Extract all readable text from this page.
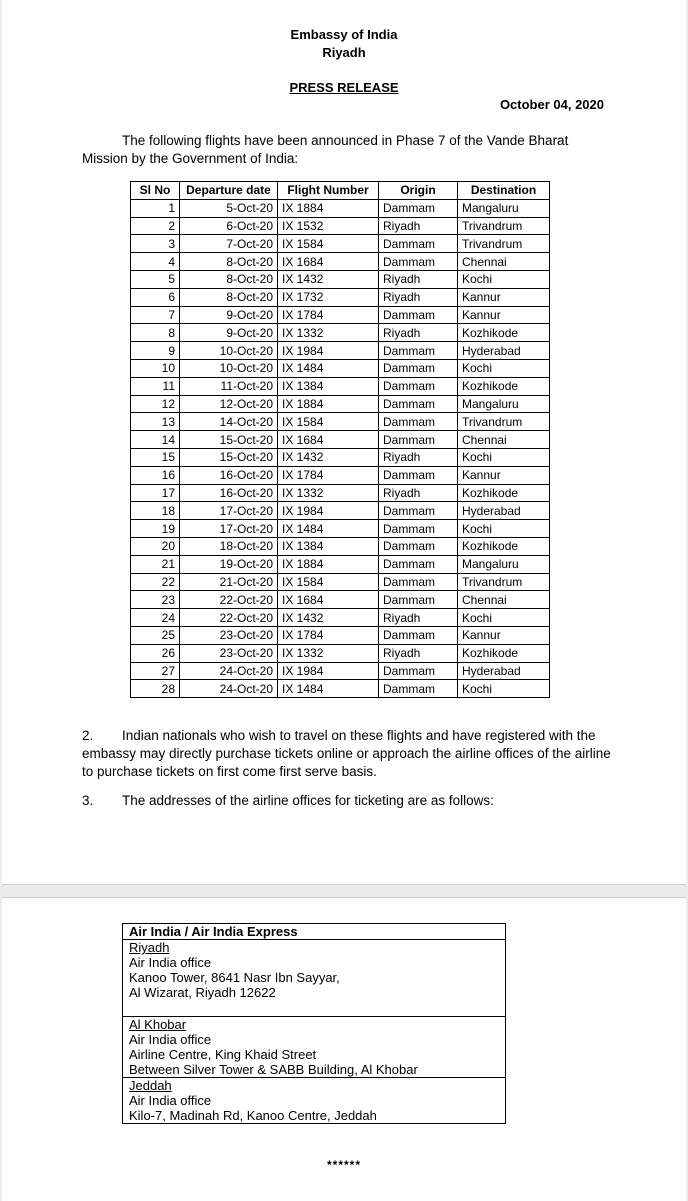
Embassy of India
Riyadh
PRESS RELEASE
October 04, 2020
The following flights have been announced in Phase 7 of the Vande Bharat Mission by the Government of India:
Sl No	Departure date	Flight Number	Origin	Destination
1	5-Oct-20	IX 1884	Dammam	Mangaluru
2	6-Oct-20	IX 1532	Riyadh	Trivandrum
3	7-Oct-20	IX 1584	Dammam	Trivandrum
4	8-Oct-20	IX 1684	Dammam	Chennai
5	8-Oct-20	IX 1432	Riyadh	Kochi
6	8-Oct-20	IX 1732	Riyadh	Kannur
7	9-Oct-20	IX 1784	Dammam	Kannur
8	9-Oct-20	IX 1332	Riyadh	Kozhikode
9	10-Oct-20	IX 1984	Dammam	Hyderabad
10	10-Oct-20	IX 1484	Dammam	Kochi
11	11-Oct-20	IX 1384	Dammam	Kozhikode
12	12-Oct-20	IX 1884	Dammam	Mangaluru
13	14-Oct-20	IX 1584	Dammam	Trivandrum
14	15-Oct-20	IX 1684	Dammam	Chennai
15	15-Oct-20	IX 1432	Riyadh	Kochi
16	16-Oct-20	IX 1784	Dammam	Kannur
17	16-Oct-20	IX 1332	Riyadh	Kozhikode
18	17-Oct-20	IX 1984	Dammam	Hyderabad
19	17-Oct-20	IX 1484	Dammam	Kochi
20	18-Oct-20	IX 1384	Dammam	Kozhikode
21	19-Oct-20	IX 1884	Dammam	Mangaluru
22	21-Oct-20	IX 1584	Dammam	Trivandrum
23	22-Oct-20	IX 1684	Dammam	Chennai
24	22-Oct-20	IX 1432	Riyadh	Kochi
25	23-Oct-20	IX 1784	Dammam	Kannur
26	23-Oct-20	IX 1332	Riyadh	Kozhikode
27	24-Oct-20	IX 1984	Dammam	Hyderabad
28	24-Oct-20	IX 1484	Dammam	Kochi
2.	Indian nationals who wish to travel on these flights and have registered with the embassy may directly purchase tickets online or approach the airline offices of the airline to purchase tickets on first come first serve basis.
3.	The addresses of the airline offices for ticketing are as follows:
Air India / Air India Express

Riyadh
Air India office
Kanoo Tower, 8641 Nasr Ibn Sayyar,
Al Wizarat, Riyadh 12622

Al Khobar
Air India office
Airline Centre, King Khaid Street
Between Silver Tower & SABB Building, Al Khobar

Jeddah
Air India office
Kilo-7, Madinah Rd, Kanoo Centre, Jeddah
******
